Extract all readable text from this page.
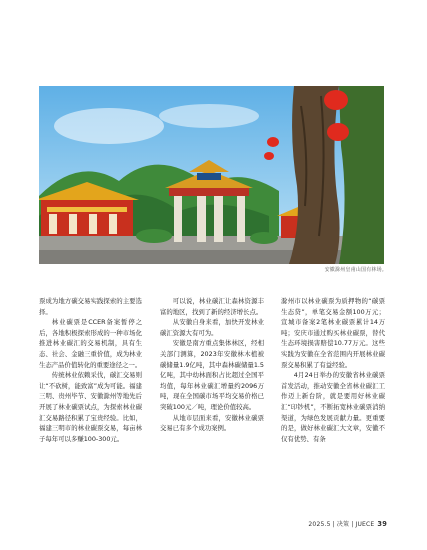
安徽滁州皇甫山国有林场。

票成为地方碳交易实践探索的主要选择。

林业碳票是CCER备案暂停之后，各地积极探索形成的一种市场化推进林业碳汇的交易机制，具有生态、社会、金融三重价值，成为林业生态产品价值转化的重要途径之一。

传统林业依赖采伐，碳汇交易则让“不砍树，能致富”成为可能。福建三明、贵州毕节、安徽滁州等地先后开展了林业碳票试点，为探索林业碳汇交易路径积累了宝贵经验。比如，福建三明市的林业碳票交易，每亩林子每年可以多赚100-300元。

可以说，林业碳汇让森林资源丰富的地区，找到了新的经济增长点。

从安徽自身来看，加快开发林业碳汇资源大有可为。

安徽是南方重点集体林区，经相关部门测算，2023年安徽林木植被碳储量1.9亿吨，其中森林碳储量1.5亿吨，其中幼林面积占比超过全国平均值，每年林业碳汇增量约2096万吨，现在全国碳市场平均交易价格已突破100元／吨，理论价值较高。

从地市层面来看，安徽林业碳票交易已有多个成功案例。

滁州市以林业碳票为质押物的“碳票生态贷”，单笔交易金额100万元；宣城市备案2笔林业碳票累计14万吨；安庆市通过购买林业碳票，替代生态环境损害赔偿10.77万元。这些实践为安徽在全省范围内开展林业碳票交易积累了有益经验。

4月24日举办的安徽省林业碳票首发活动，推动安徽全省林业碳汇工作迈上新台阶，就是要用好林业碳汇“印钞机”，不断拓宽林业碳票消纳渠道，为绿色发展贡献力量。更重要的是，做好林业碳汇大文章，安徽不仅有优势、有条

2025.5 | 决策 | JUECE 39
